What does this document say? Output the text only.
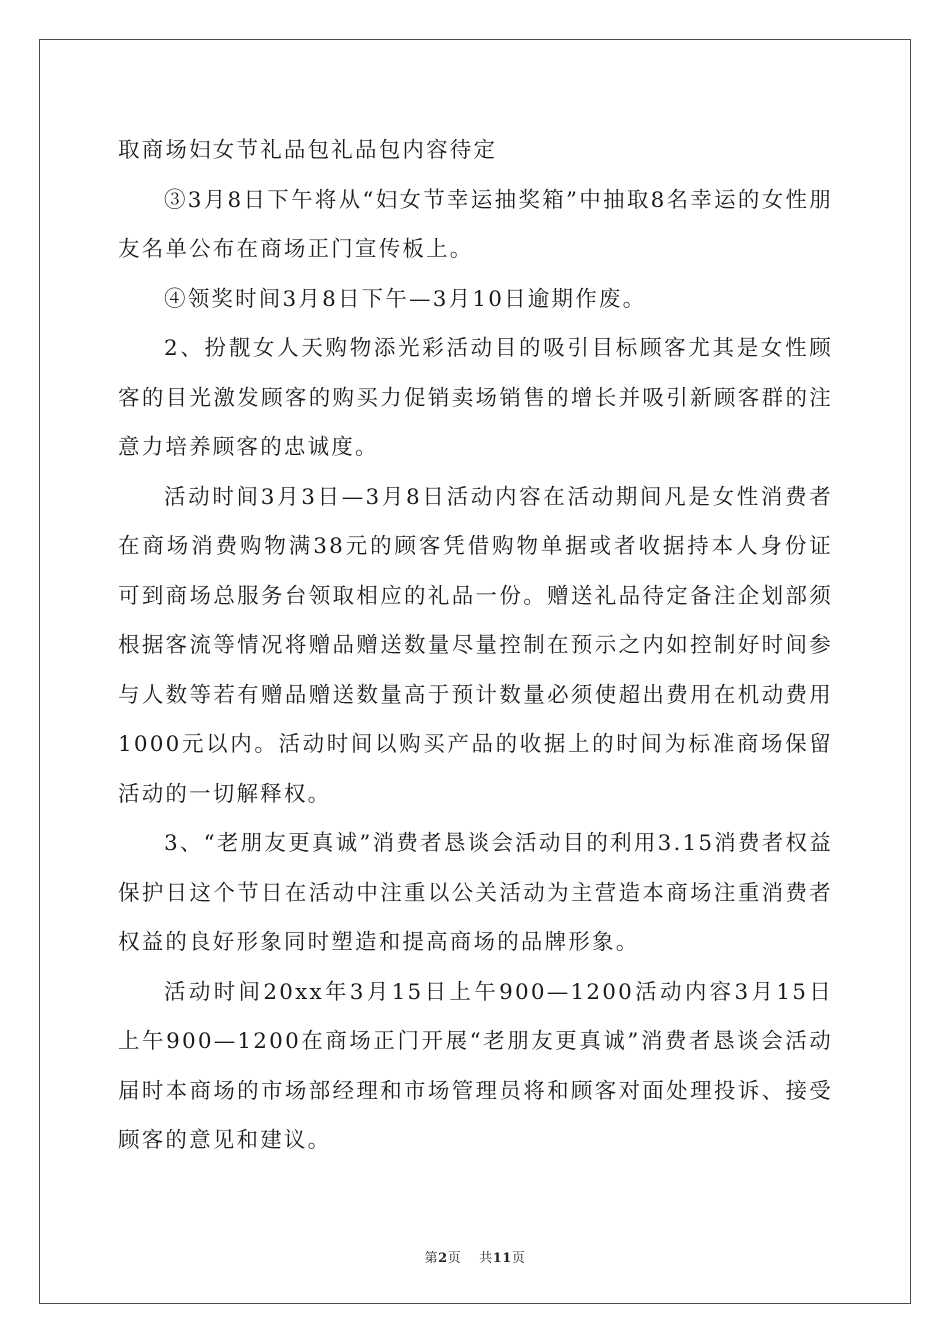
取商场妇女节礼品包礼品包内容待定

③3月8日下午将从“妇女节幸运抽奖箱”中抽取8名幸运的女性朋友名单公布在商场正门宣传板上。

④领奖时间3月8日下午—3月10日逾期作废。

2、扮靓女人天购物添光彩活动目的吸引目标顾客尤其是女性顾客的目光激发顾客的购买力促销卖场销售的增长并吸引新顾客群的注意力培养顾客的忠诚度。

活动时间3月3日—3月8日活动内容在活动期间凡是女性消费者在商场消费购物满38元的顾客凭借购物单据或者收据持本人身份证可到商场总服务台领取相应的礼品一份。赠送礼品待定备注企划部须根据客流等情况将赠品赠送数量尽量控制在预示之内如控制好时间参与人数等若有赠品赠送数量高于预计数量必须使超出费用在机动费用1000元以内。活动时间以购买产品的收据上的时间为标准商场保留活动的一切解释权。

3、“老朋友更真诚”消费者恳谈会活动目的利用3.15消费者权益保护日这个节日在活动中注重以公关活动为主营造本商场注重消费者权益的良好形象同时塑造和提高商场的品牌形象。

活动时间20xx年3月15日上午900—1200活动内容3月15日上午900—1200在商场正门开展“老朋友更真诚”消费者恳谈会活动届时本商场的市场部经理和市场管理员将和顾客对面处理投诉、接受顾客的意见和建议。

第2页 共11页
